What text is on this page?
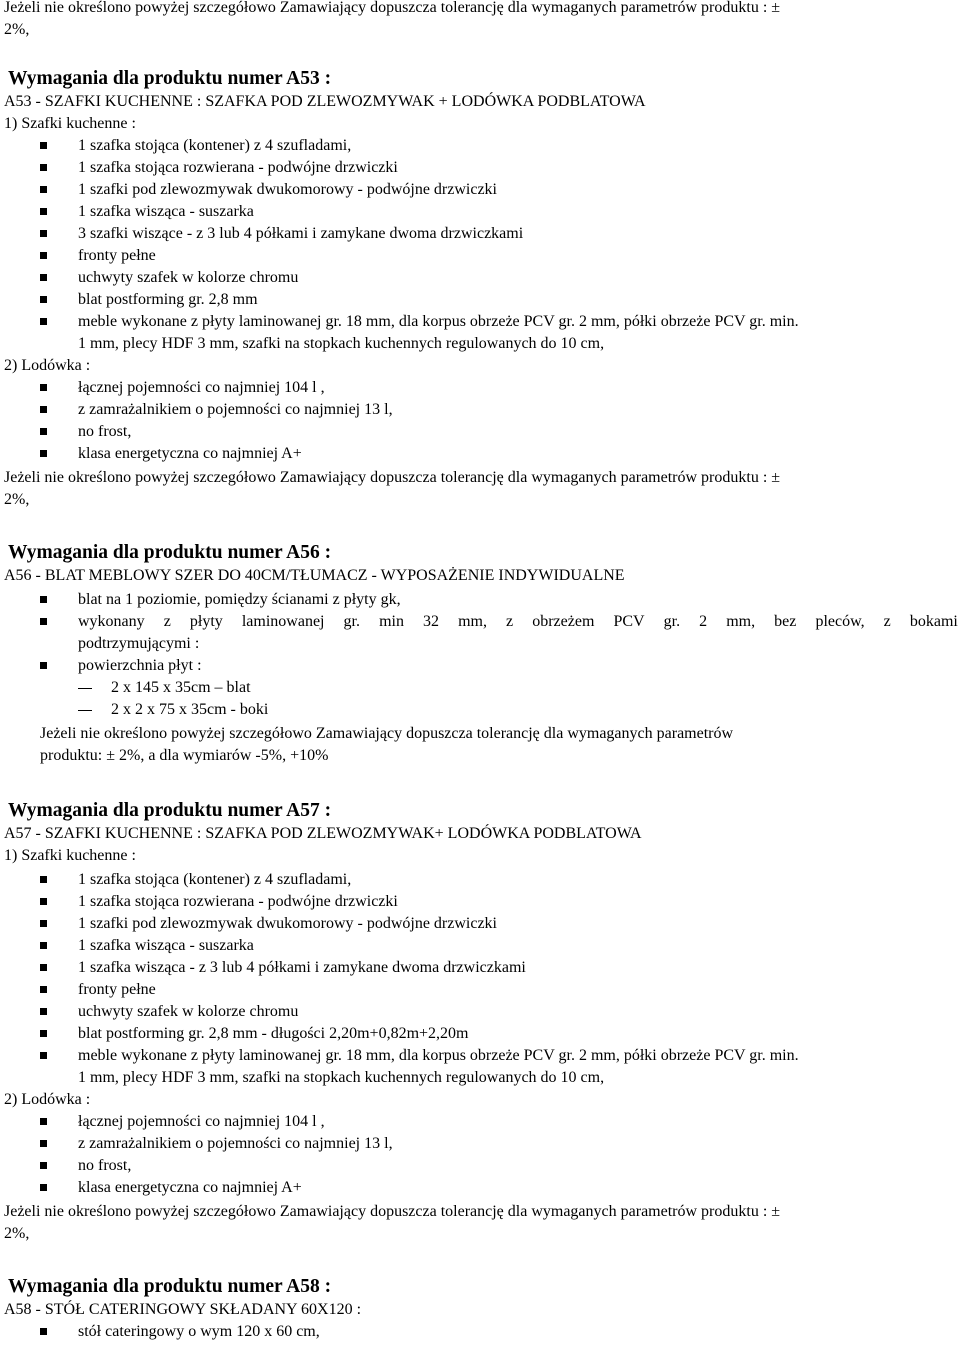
Jeżeli nie określono powyżej szczegółowo Zamawiający dopuszcza tolerancję dla wymaganych parametrów produktu : ±
2%,
Wymagania dla produktu numer A53 :
A53 - SZAFKI KUCHENNE : SZAFKA POD ZLEWOZMYWAK + LODÓWKA PODBLATOWA
1) Szafki kuchenne :
1 szafka stojąca (kontener) z 4 szufladami,
1 szafka stojąca rozwierana - podwójne drzwiczki
1 szafki pod zlewozmywak dwukomorowy - podwójne drzwiczki
1 szafka wisząca - suszarka
3 szafki wiszące - z 3 lub 4 półkami i zamykane dwoma drzwiczkami
fronty pełne
uchwyty szafek w kolorze chromu
blat postforming gr. 2,8 mm
meble wykonane z płyty laminowanej gr. 18 mm, dla korpus obrzeże PCV gr. 2 mm, półki obrzeże PCV gr. min.
1 mm, plecy HDF 3 mm, szafki na stopkach kuchennych regulowanych do 10 cm,
2) Lodówka :
łącznej pojemności co najmniej 104 l ,
z zamrażalnikiem o pojemności co najmniej 13 l,
no frost,
klasa energetyczna co najmniej A+
Jeżeli nie określono powyżej szczegółowo Zamawiający dopuszcza tolerancję dla wymaganych parametrów produktu : ±
2%,
Wymagania dla produktu numer A56 :
A56 - BLAT MEBLOWY SZER DO 40CM/TŁUMACZ - WYPOSAŻENIE INDYWIDUALNE
blat na 1 poziomie, pomiędzy ścianami z płyty gk,
wykonany z płyty laminowanej gr. min 32 mm, z obrzeżem PCV gr. 2 mm, bez pleców, z bokami
podtrzymującymi :
powierzchnia płyt :
2 x 145 x 35cm – blat
2 x 2 x 75 x 35cm - boki
Jeżeli nie określono powyżej szczegółowo Zamawiający dopuszcza tolerancję dla wymaganych parametrów
produktu: ± 2%, a dla wymiarów -5%, +10%
Wymagania dla produktu numer A57 :
A57 - SZAFKI KUCHENNE : SZAFKA POD ZLEWOZMYWAK+ LODÓWKA PODBLATOWA
1) Szafki kuchenne :
1 szafka stojąca (kontener) z 4 szufladami,
1 szafka stojąca rozwierana - podwójne drzwiczki
1 szafki pod zlewozmywak dwukomorowy - podwójne drzwiczki
1 szafka wisząca - suszarka
1 szafka wisząca - z 3 lub 4 półkami i zamykane dwoma drzwiczkami
fronty pełne
uchwyty szafek w kolorze chromu
blat postforming gr. 2,8 mm - długości 2,20m+0,82m+2,20m
meble wykonane z płyty laminowanej gr. 18 mm, dla korpus obrzeże PCV gr. 2 mm, półki obrzeże PCV gr. min.
1 mm, plecy HDF 3 mm, szafki na stopkach kuchennych regulowanych do 10 cm,
2) Lodówka :
łącznej pojemności co najmniej 104 l ,
z zamrażalnikiem o pojemności co najmniej 13 l,
no frost,
klasa energetyczna co najmniej A+
Jeżeli nie określono powyżej szczegółowo Zamawiający dopuszcza tolerancję dla wymaganych parametrów produktu : ±
2%,
Wymagania dla produktu numer A58 :
A58 - STÓŁ CATERINGOWY SKŁADANY 60X120 :
stół cateringowy o wym 120 x 60 cm,
